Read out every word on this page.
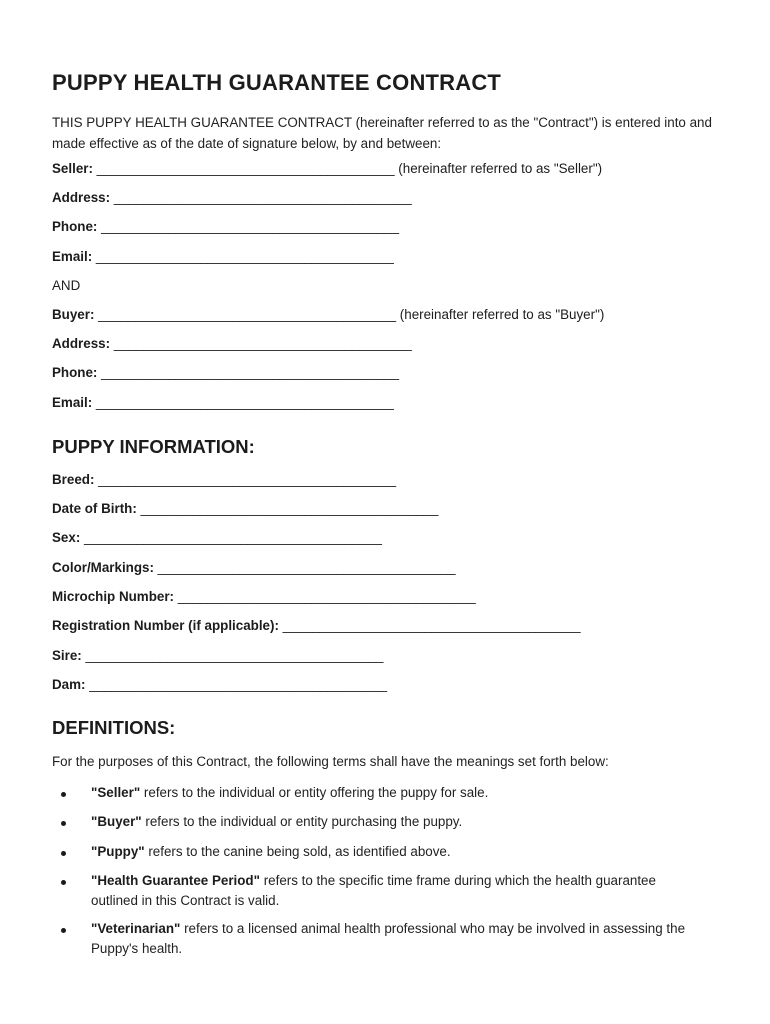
PUPPY HEALTH GUARANTEE CONTRACT
THIS PUPPY HEALTH GUARANTEE CONTRACT (hereinafter referred to as the "Contract") is entered into and made effective as of the date of signature below, by and between:
Seller: ________________________________________ (hereinafter referred to as "Seller")
Address: ________________________________________
Phone: ________________________________________
Email: ________________________________________
AND
Buyer: ________________________________________ (hereinafter referred to as "Buyer")
Address: ________________________________________
Phone: ________________________________________
Email: ________________________________________
PUPPY INFORMATION:
Breed: ________________________________________
Date of Birth: ________________________________________
Sex: ________________________________________
Color/Markings: ________________________________________
Microchip Number: ________________________________________
Registration Number (if applicable): ________________________________________
Sire: ________________________________________
Dam: ________________________________________
DEFINITIONS:
For the purposes of this Contract, the following terms shall have the meanings set forth below:
"Seller" refers to the individual or entity offering the puppy for sale.
"Buyer" refers to the individual or entity purchasing the puppy.
"Puppy" refers to the canine being sold, as identified above.
"Health Guarantee Period" refers to the specific time frame during which the health guarantee outlined in this Contract is valid.
"Veterinarian" refers to a licensed animal health professional who may be involved in assessing the Puppy's health.
